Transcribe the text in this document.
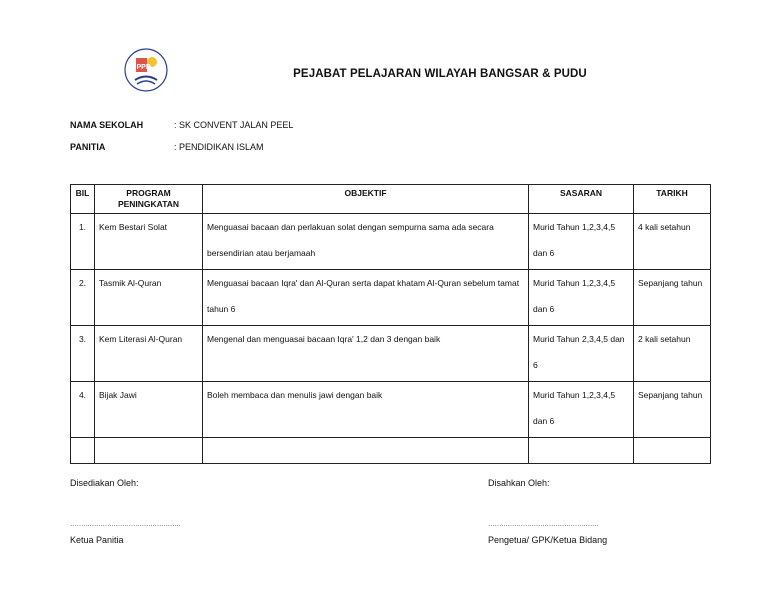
PPD
PEJABAT PELAJARAN WILAYAH BANGSAR & PUDU
NAMA SEKOLAH	: SK CONVENT JALAN PEEL
PANITIA	: PENDIDIKAN ISLAM
BIL	PROGRAM PENINGKATAN	OBJEKTIF	SASARAN	TARIKH
1.	Kem Bestari Solat	Menguasai bacaan dan perlakuan solat dengan sempurna sama ada secara bersendirian atau berjamaah	Murid Tahun 1,2,3,4,5 dan 6	4 kali setahun
2.	Tasmik Al-Quran	Menguasai bacaan Iqra' dan Al-Quran serta dapat khatam Al-Quran sebelum tamat tahun 6	Murid Tahun 1,2,3,4,5 dan 6	Sepanjang tahun
3.	Kem Literasi Al-Quran	Mengenal dan menguasai bacaan Iqra' 1,2 dan 3 dengan baik	Murid Tahun 2,3,4,5 dan 6	2 kali setahun
4.	Bijak Jawi	Boleh membaca dan menulis jawi dengan baik	Murid Tahun 1,2,3,4,5 dan 6	Sepanjang tahun

Disediakan Oleh:	Disahkan Oleh:
……………………………………………	……………………………………………
Ketua Panitia	Pengetua/ GPK/Ketua Bidang
